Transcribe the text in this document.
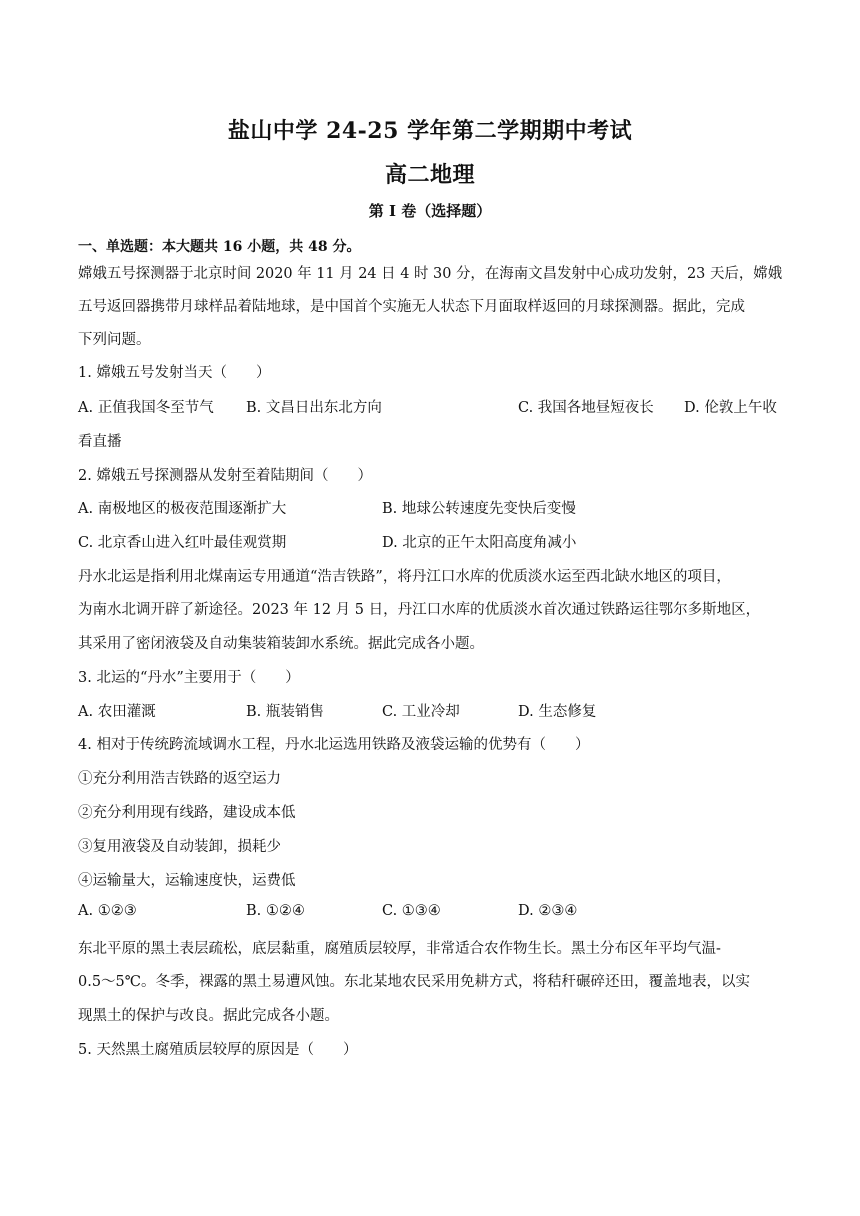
盐山中学 24-25 学年第二学期期中考试
高二地理
第 I 卷（选择题）
一、单选题：本大题共 16 小题，共 48 分。
嫦娥五号探测器于北京时间 2020 年 11 月 24 日 4 时 30 分，在海南文昌发射中心成功发射，23 天后，嫦娥
五号返回器携带月球样品着陆地球，是中国首个实施无人状态下月面取样返回的月球探测器。据此，完成
下列问题。
1. 嫦娥五号发射当天（　　）
A. 正值我国冬至节气 B. 文昌日出东北方向	C. 我国各地昼短夜长 D. 伦敦上午收
看直播
2. 嫦娥五号探测器从发射至着陆期间（　　）
A. 南极地区的极夜范围逐渐扩大	B. 地球公转速度先变快后变慢
C. 北京香山进入红叶最佳观赏期	D. 北京的正午太阳高度角减小
丹水北运是指利用北煤南运专用通道“浩吉铁路”，将丹江口水库的优质淡水运至西北缺水地区的项目，
为南水北调开辟了新途径。2023 年 12 月 5 日，丹江口水库的优质淡水首次通过铁路运往鄂尔多斯地区，
其采用了密闭液袋及自动集装箱装卸水系统。据此完成各小题。
3. 北运的“丹水”主要用于（　　）
A. 农田灌溉	B. 瓶装销售	C. 工业冷却	D. 生态修复
4. 相对于传统跨流域调水工程，丹水北运选用铁路及液袋运输的优势有（　　）
①充分利用浩吉铁路的返空运力
②充分利用现有线路，建设成本低
③复用液袋及自动装卸，损耗少
④运输量大，运输速度快，运费低
A. ①②③	B. ①②④	C. ①③④	D. ②③④
东北平原的黑土表层疏松，底层黏重，腐殖质层较厚，非常适合农作物生长。黑土分布区年平均气温-
0.5～5℃。冬季，裸露的黑土易遭风蚀。东北某地农民采用免耕方式，将秸秆碾碎还田，覆盖地表，以实
现黑土的保护与改良。据此完成各小题。
5. 天然黑土腐殖质层较厚的原因是（　　）
